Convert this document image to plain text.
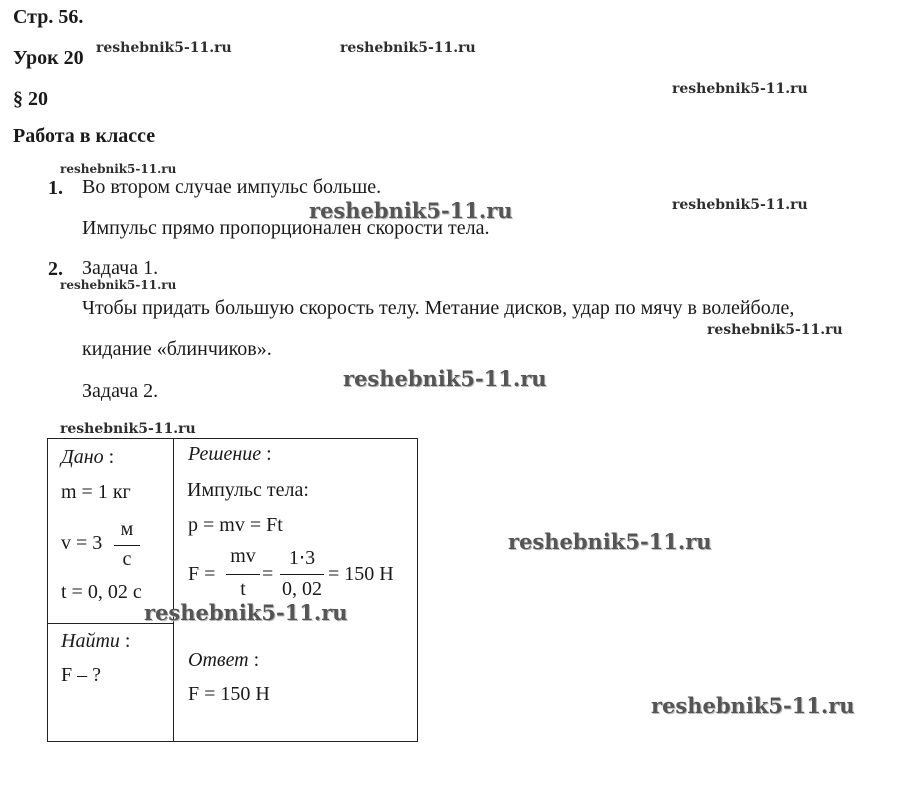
Стр. 56.
Урок 20
§ 20
Работа в классе
1. Во втором случае импульс больше.
Импульс прямо пропорционален скорости тела.
2. Задача 1.
Чтобы придать большую скорость телу. Метание дисков, удар по мячу в волейболе,
кидание «блинчиков».
Задача 2.
Дано :
m = 1 кг
v = 3
м
с
t = 0, 02 с
Найти :
F – ?
Решение :
Импульс тела:
p = mv = Ft
F =
mv
t
=
1⋅3
0, 02
= 150 Н
Ответ :
F = 150 Н
reshebnik5-11.ru	reshebnik5-11.ru
reshebnik5-11.ru
reshebnik5-11.ru
reshebnik5-11.ru
reshebnik5-11.ru
reshebnik5-11.ru
reshebnik5-11.ru
reshebnik5-11.ru
reshebnik5-11.ru
reshebnik5-11.ru
reshebnik5-11.ru
reshebnik5-11.ru
